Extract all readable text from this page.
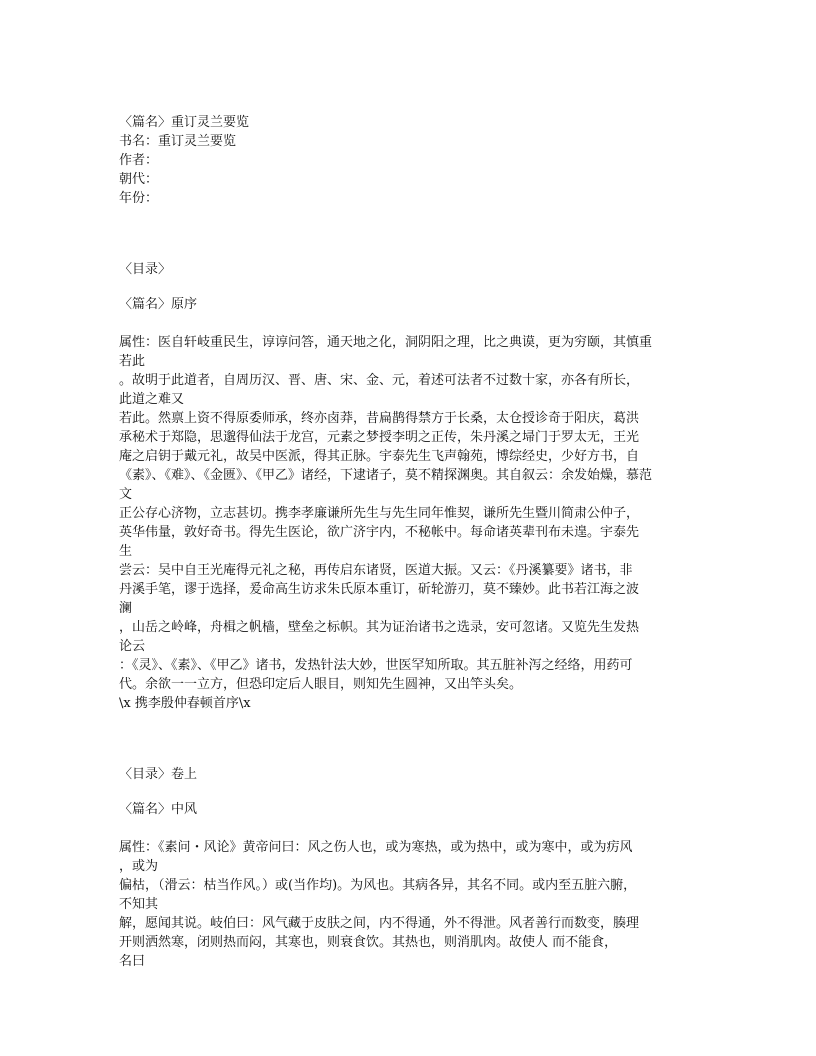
〈篇名〉重订灵兰要览
书名：重订灵兰要览
作者：
朝代：
年份：
〈目录〉
〈篇名〉原序
属性：医自轩岐重民生，谆谆问答，通天地之化，洞阴阳之理，比之典谟，更为穷颐，其慎重
若此
。故明于此道者，自周历汉、晋、唐、宋、金、元，着述可法者不过数十家，亦各有所长，
此道之难又
若此。然禀上资不得原委师承，终亦卤莽，昔扁鹊得禁方于长桑，太仓授诊奇于阳庆，葛洪
承秘术于郑隐，思邈得仙法于龙宫，元素之梦授李明之正传，朱丹溪之埽门于罗太无，王光
庵之启钥于戴元礼，故吴中医派，得其正脉。宇泰先生飞声翰苑，博综经史，少好方书，自
《素》、《难》、《金匮》、《甲乙》诸经，下逮诸子，莫不精探渊奥。其自叙云：余发始燥，慕范
文
正公存心济物，立志甚切。携李孝廉谦所先生与先生同年惟契，谦所先生暨川简肃公仲子，
英华伟量，敦好奇书。得先生医论，欲广济宇内，不秘帐中。每命诸英辈刊布未遑。宇泰先
生
尝云：吴中自王光庵得元礼之秘，再传启东诸贤，医道大振。又云：《丹溪纂要》诸书，非
丹溪手笔，谬于选择，爰命高生访求朱氏原本重订，斫轮游刃，莫不臻妙。此书若江海之波
澜
，山岳之岭峰，舟楫之帆樯，壁垒之标帜。其为证治诸书之选录，安可忽诸。又览先生发热
论云
：《灵》、《素》、《甲乙》诸书，发热针法大妙，世医罕知所取。其五脏补泻之经络，用药可
代。余欲一一立方，但恐印定后人眼目，则知先生圆神，又出竿头矣。
\x 携李殷仲春顿首序\x
〈目录〉卷上
〈篇名〉中风
属性：《素问・风论》黄帝问曰：风之伤人也，或为寒热，或为热中，或为寒中，或为疠风
，或为
偏枯，（滑云：枯当作风。）或(当作均)。为风也。其病各异，其名不同。或内至五脏六腑，
不知其
解，愿闻其说。岐伯曰：风气藏于皮肤之间，内不得通，外不得泄。风者善行而数变，腠理
开则洒然寒，闭则热而闷，其寒也，则衰食饮。其热也，则消肌肉。故使人 而不能食，
名曰
